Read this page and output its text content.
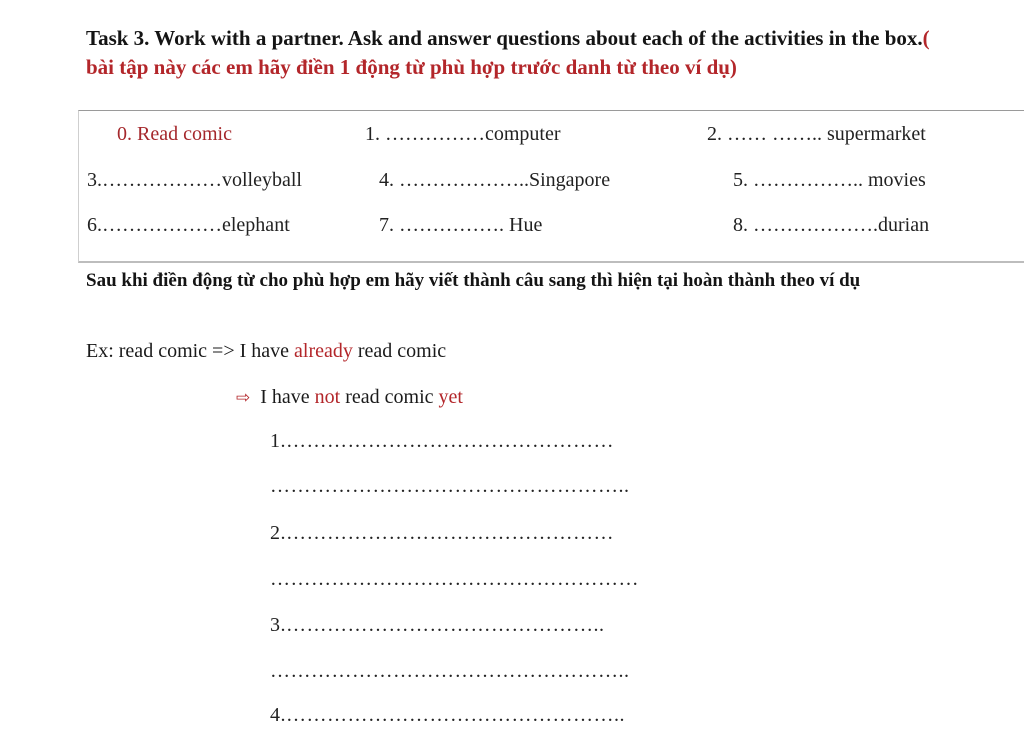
Task 3. Work with a partner. Ask and answer questions about each of the activities in the box.( bài tập này các em hãy điền 1 động từ phù hợp trước danh từ theo ví dụ)
0. Read comic	1. ……………computer	2. …… …….. supermarket
3.………………volleyball	4. ………………..Singapore	5. …………….. movies
6.………………elephant	7. ……………. Hue	8. ……………….durian
Sau khi điền động từ cho phù hợp em hãy viết thành câu sang thì hiện tại hoàn thành theo ví dụ
Ex: read comic => I have already read comic
⇨ I have not read comic yet
1.…………………………………………
……………………………………………..
2.…………………………………………
………………………………………………
3.………………………………………..
……………………………………………..
4.…………………………………………..
